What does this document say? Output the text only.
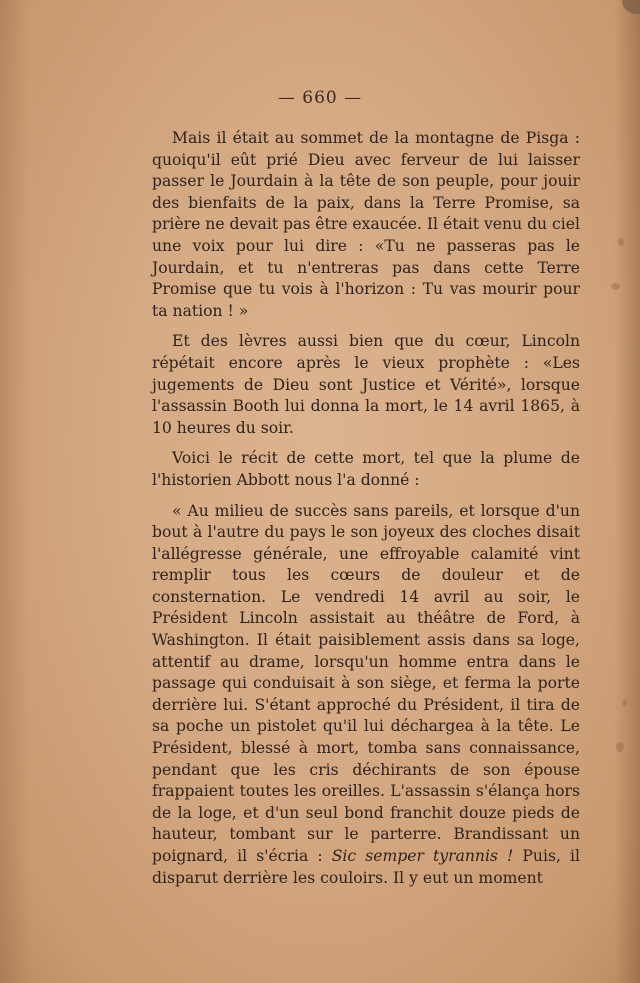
— 660 —

Mais il était au sommet de la montagne de Pisga : quoiqu'il eût prié Dieu avec ferveur de lui laisser passer le Jourdain à la tête de son peuple, pour jouir des bienfaits de la paix, dans la Terre Promise, sa prière ne devait pas être exaucée. Il était venu du ciel une voix pour lui dire : «Tu ne passeras pas le Jourdain, et tu n'entreras pas dans cette Terre Promise que tu vois à l'horizon : Tu vas mourir pour ta nation ! »

Et des lèvres aussi bien que du cœur, Lincoln répétait encore après le vieux prophète : «Les jugements de Dieu sont Justice et Vérité», lorsque l'assassin Booth lui donna la mort, le 14 avril 1865, à 10 heures du soir.

Voici le récit de cette mort, tel que la plume de l'historien Abbott nous l'a donné :

« Au milieu de succès sans pareils, et lorsque d'un bout à l'autre du pays le son joyeux des cloches disait l'allégresse générale, une effroyable calamité vint remplir tous les cœurs de douleur et de consternation. Le vendredi 14 avril au soir, le Président Lincoln assistait au théâtre de Ford, à Washington. Il était paisiblement assis dans sa loge, attentif au drame, lorsqu'un homme entra dans le passage qui conduisait à son siège, et ferma la porte derrière lui. S'étant approché du Président, il tira de sa poche un pistolet qu'il lui déchargea à la tête. Le Président, blessé à mort, tomba sans connaissance, pendant que les cris déchirants de son épouse frappaient toutes les oreilles. L'assassin s'élança hors de la loge, et d'un seul bond franchit douze pieds de hauteur, tombant sur le parterre. Brandissant un poignard, il s'écria : Sic semper tyrannis ! Puis, il disparut derrière les couloirs. Il y eut un moment
